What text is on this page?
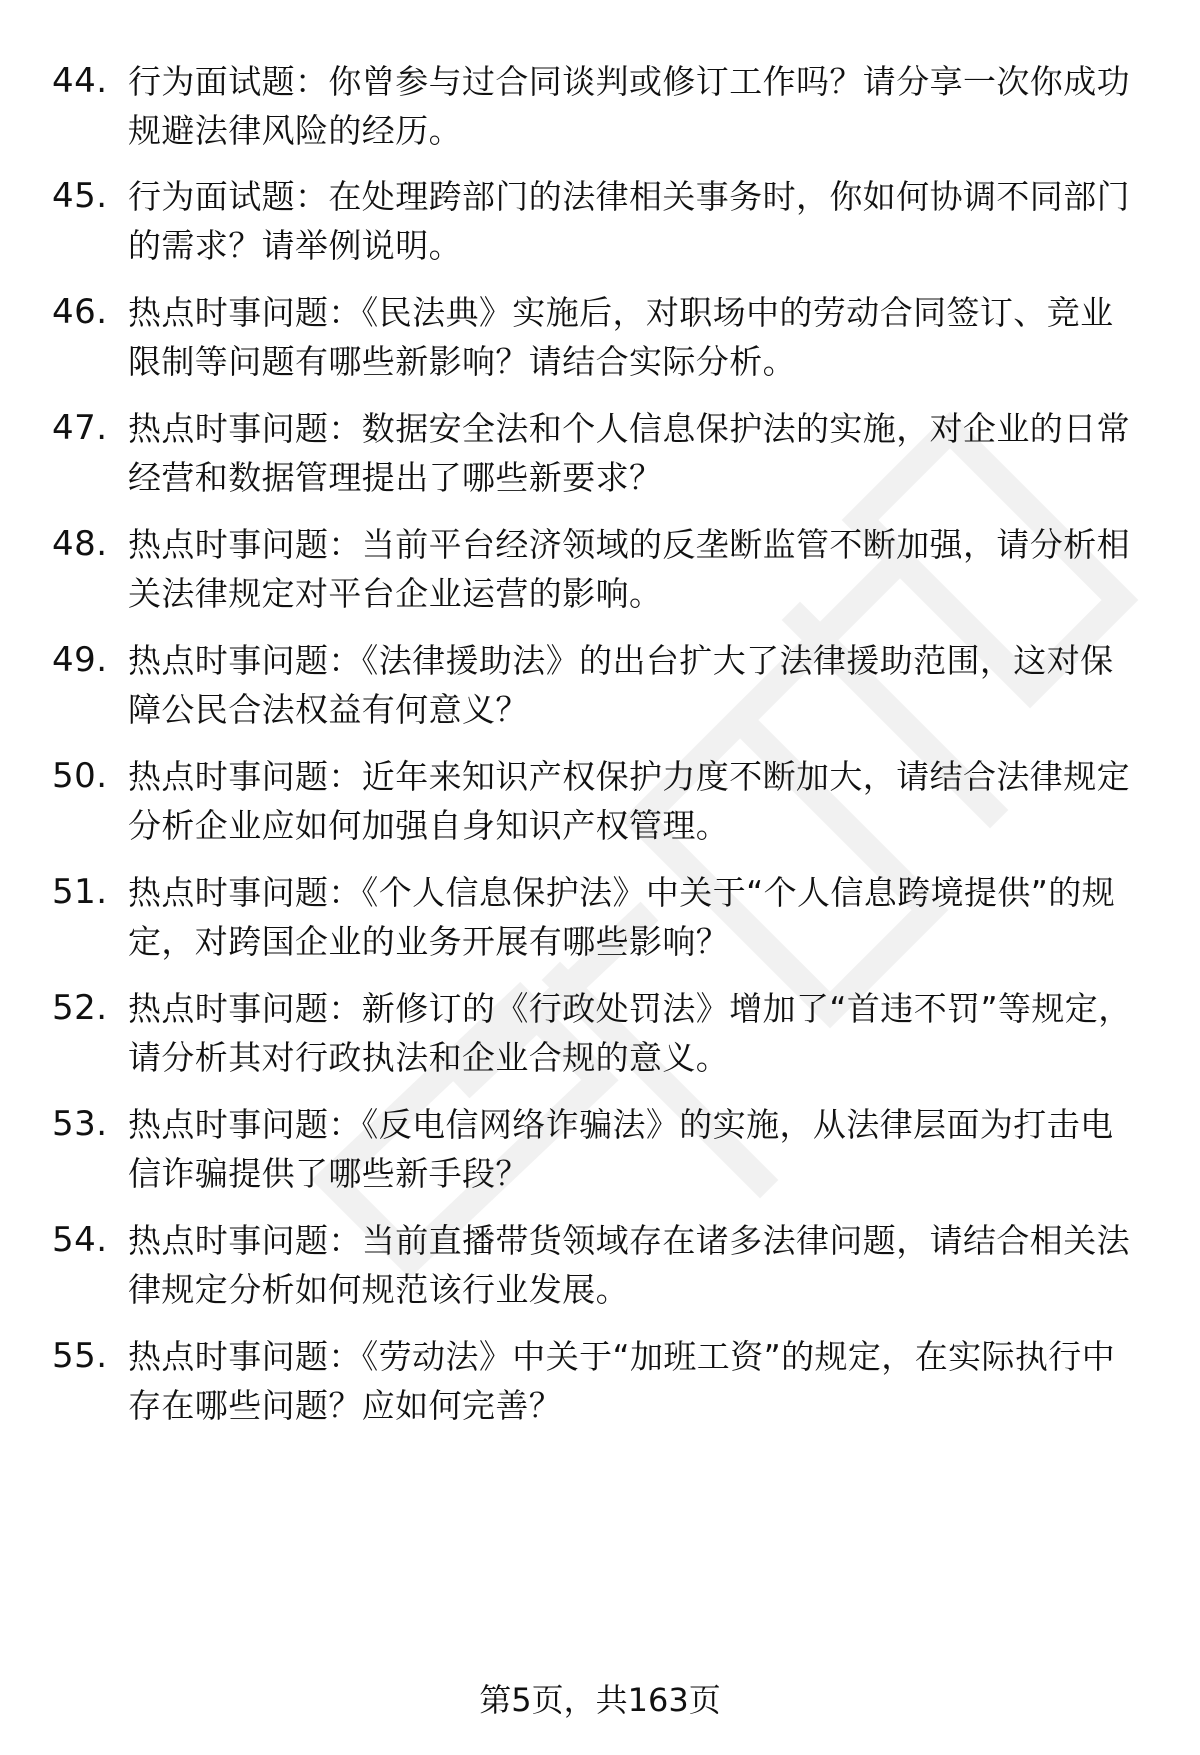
44. 行为面试题：你曾参与过合同谈判或修订工作吗？请分享一次你成功规避法律风险的经历。
45. 行为面试题：在处理跨部门的法律相关事务时，你如何协调不同部门的需求？请举例说明。
46. 热点时事问题：《民法典》实施后，对职场中的劳动合同签订、竞业限制等问题有哪些新影响？请结合实际分析。
47. 热点时事问题：数据安全法和个人信息保护法的实施，对企业的日常经营和数据管理提出了哪些新要求？
48. 热点时事问题：当前平台经济领域的反垄断监管不断加强，请分析相关法律规定对平台企业运营的影响。
49. 热点时事问题：《法律援助法》的出台扩大了法律援助范围，这对保障公民合法权益有何意义？
50. 热点时事问题：近年来知识产权保护力度不断加大，请结合法律规定分析企业应如何加强自身知识产权管理。
51. 热点时事问题：《个人信息保护法》中关于“个人信息跨境提供”的规定，对跨国企业的业务开展有哪些影响？
52. 热点时事问题：新修订的《行政处罚法》增加了“首违不罚”等规定，请分析其对行政执法和企业合规的意义。
53. 热点时事问题：《反电信网络诈骗法》的实施，从法律层面为打击电信诈骗提供了哪些新手段？
54. 热点时事问题：当前直播带货领域存在诸多法律问题，请结合相关法律规定分析如何规范该行业发展。
55. 热点时事问题：《劳动法》中关于“加班工资”的规定，在实际执行中存在哪些问题？应如何完善？
第5页，共163页
